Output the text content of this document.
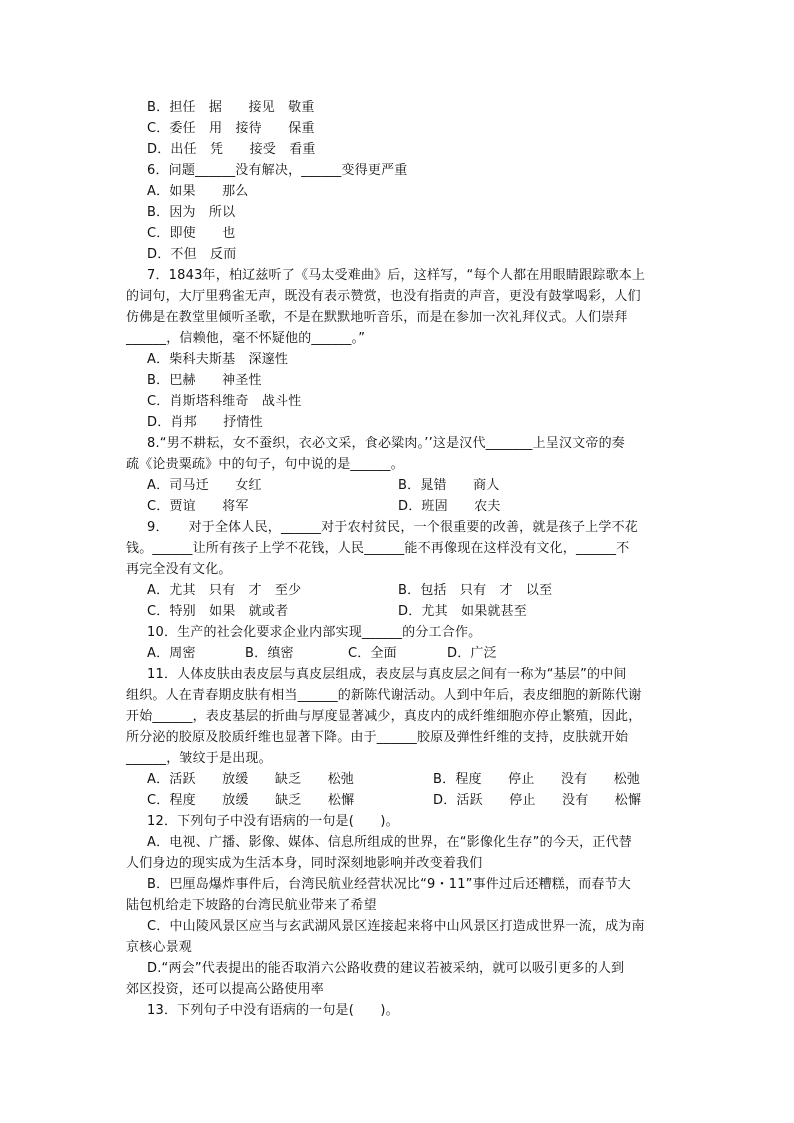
B．担任　据　　接见　敬重
C．委任　用　接待　　保重
D．出任　凭　　接受　看重
6．问题______没有解决，______变得更严重
A．如果　　那么
B．因为　所以
C．即使　　也
D．不但　反而
7．1843年，柏辽兹听了《马太受难曲》后，这样写，“每个人都在用眼睛跟踪歌本上
的词句，大厅里鸦雀无声，既没有表示赞赏，也没有指责的声音，更没有鼓掌喝彩，人们
仿佛是在教堂里倾听圣歌，不是在默默地听音乐，而是在参加一次礼拜仪式。人们崇拜
______，信赖他，毫不怀疑他的______。”
A．柴科夫斯基　深邃性
B．巴赫　　神圣性
C．肖斯塔科维奇　战斗性
D．肖邦　　抒情性
8.“男不耕耘，女不蚕织，衣必文采，食必粱肉。’’这是汉代_______上呈汉文帝的奏
疏《论贵粟疏》中的句子，句中说的是______。
A．司马迁　　女红	B．晁错　　商人
C．贾谊　　将军	D．班固　　农夫
9．　　对于全体人民，______对于农村贫民，一个很重要的改善，就是孩子上学不花
钱。______让所有孩子上学不花钱，人民______能不再像现在这样没有文化，______不
再完全没有文化。
A．尤其　只有　才　至少	B．包括　只有　才　以至
C．特别　如果　就或者	D．尤其　如果就甚至
10．生产的社会化要求企业内部实现______的分工合作。
A．周密	B．缜密	C．全面	D．广泛
11．人体皮肤由表皮层与真皮层组成，表皮层与真皮层之间有一称为“基层”的中间
组织。人在青春期皮肤有相当______的新陈代谢活动。人到中年后，表皮细胞的新陈代谢
开始______，表皮基层的折曲与厚度显著减少，真皮内的成纤维细胞亦停止繁殖，因此，
所分泌的胶原及胶质纤维也显著下降。由于______胶原及弹性纤维的支持，皮肤就开始
______，皱纹于是出现。
A．活跃　　放缓　　缺乏　　松弛	B．程度　　停止　　没有　　松弛
C．程度　　放缓　　缺乏　　松懈	D．活跃　　停止　　没有　　松懈
12．下列句子中没有语病的一句是(　　)。
A．电视、广播、影像、媒体、信息所组成的世界，在“影像化生存”的今天，正代替
人们身边的现实成为生活本身，同时深刻地影响并改变着我们
B．巴厘岛爆炸事件后，台湾民航业经营状况比“9・11”事件过后还糟糕，而春节大
陆包机给走下坡路的台湾民航业带来了希望
C．中山陵风景区应当与玄武湖风景区连接起来将中山风景区打造成世界一流，成为南
京核心景观
D.“两会”代表提出的能否取消六公路收费的建议若被采纳，就可以吸引更多的人到
郊区投资，还可以提高公路使用率
13．下列句子中没有语病的一句是(　　)。
